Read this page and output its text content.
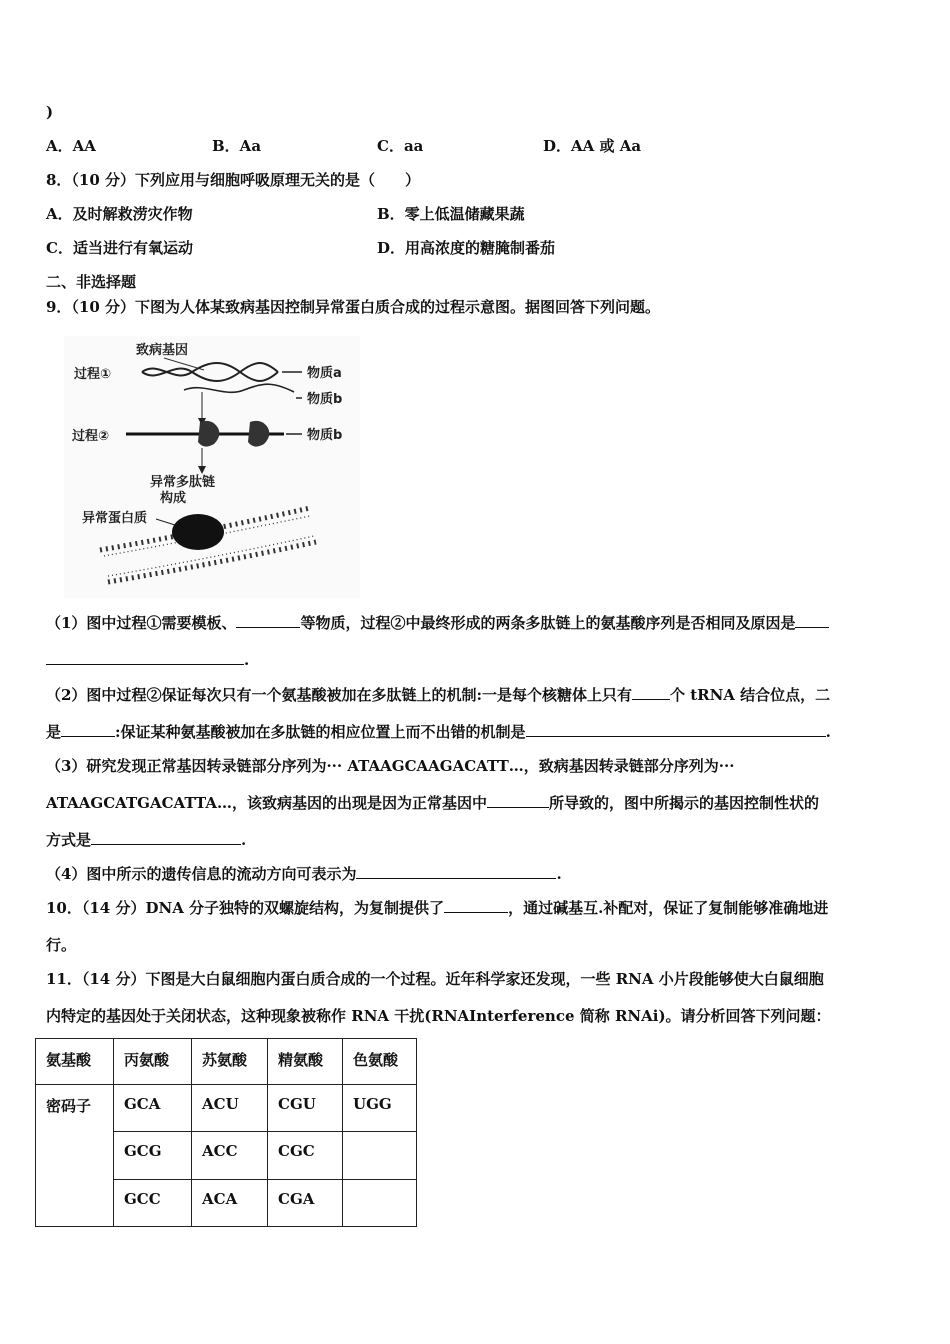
)
A．AA	B．Aa	C．aa	D．AA 或 Aa
8．（10 分）下列应用与细胞呼吸原理无关的是（　　）
A．及时解救涝灾作物	B．零上低温储藏果蔬
C．适当进行有氧运动	D．用高浓度的糖腌制番茄
二、非选择题
9．（10 分）下图为人体某致病基因控制异常蛋白质合成的过程示意图。据图回答下列问题。
致病基因
过程①	物质a
物质b
过程②	物质b
异常多肽链
构成
异常蛋白质
（1）图中过程①需要模板、	等物质，过程②中最终形成的两条多肽链上的氨基酸序列是否相同及原因是
.
（2）图中过程②保证每次只有一个氨基酸被加在多肽链上的机制:一是每个核糖体上只有	个 tRNA 结合位点，二
是	:保证某种氨基酸被加在多肽链的相应位置上而不出错的机制是	.
（3）研究发现正常基因转录链部分序列为··· ATAAGCAAGACATT…，致病基因转录链部分序列为···
ATAAGCATGACATTA…，该致病基因的出现是因为正常基因中	所导致的，图中所揭示的基因控制性状的
方式是	.
（4）图中所示的遗传信息的流动方向可表示为	.
10．（14 分）DNA 分子独特的双螺旋结构，为复制提供了	，通过碱基互.补配对，保证了复制能够准确地进
行。
11．（14 分）下图是大白鼠细胞内蛋白质合成的一个过程。近年科学家还发现，一些 RNA 小片段能够使大白鼠细胞
内特定的基因处于关闭状态，这种现象被称作 RNA 干扰(RNAInterference 简称 RNAi)。请分析回答下列问题：
氨基酸	丙氨酸	苏氨酸	精氨酸	色氨酸
密码子	GCA	ACU	CGU	UGG
	GCG	ACC	CGC	
	GCC	ACA	CGA	
